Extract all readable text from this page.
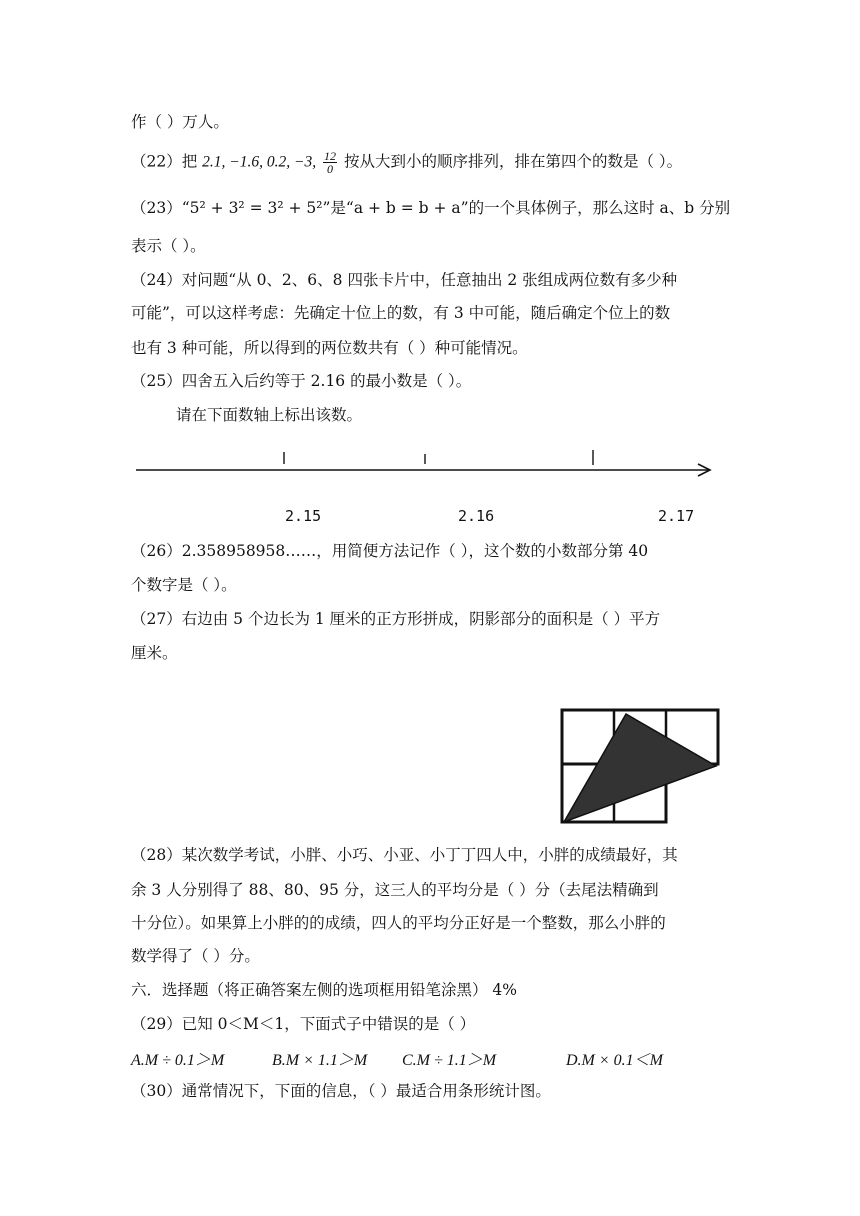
作（ ）万人。
（22）把 2.1, −1.6, 0.2, −3, $\frac{12}{0}$ 按从大到小的顺序排列，排在第四个的数是（ ）。
（23）“5² + 3² = 3² + 5²”是“a + b = b + a”的一个具体例子，那么这时 a、b 分别
表示（ ）。
（24）对问题“从 0、2、6、8 四张卡片中，任意抽出 2 张组成两位数有多少种
可能”，可以这样考虑：先确定十位上的数，有 3 中可能，随后确定个位上的数
也有 3 种可能，所以得到的两位数共有（ ）种可能情况。
（25）四舍五入后约等于 2.16 的最小数是（ ）。
请在下面数轴上标出该数。
2.15	2.16	2.17
（26）2.358958958……，用简便方法记作（ ），这个数的小数部分第 40
个数字是（ ）。
（27）右边由 5 个边长为 1 厘米的正方形拼成，阴影部分的面积是（ ）平方
厘米。
（28）某次数学考试，小胖、小巧、小亚、小丁丁四人中，小胖的成绩最好，其
余 3 人分别得了 88、80、95 分，这三人的平均分是（ ）分（去尾法精确到
十分位）。如果算上小胖的的成绩，四人的平均分正好是一个整数，那么小胖的
数学得了（ ）分。
六．选择题（将正确答案左侧的选项框用铅笔涂黑） 4%
（29）已知 0＜M＜1，下面式子中错误的是（ ）
A.M ÷ 0.1＞M	B.M × 1.1＞M C.M ÷ 1.1＞M	D.M × 0.1＜M
（30）通常情况下，下面的信息，（ ）最适合用条形统计图。
